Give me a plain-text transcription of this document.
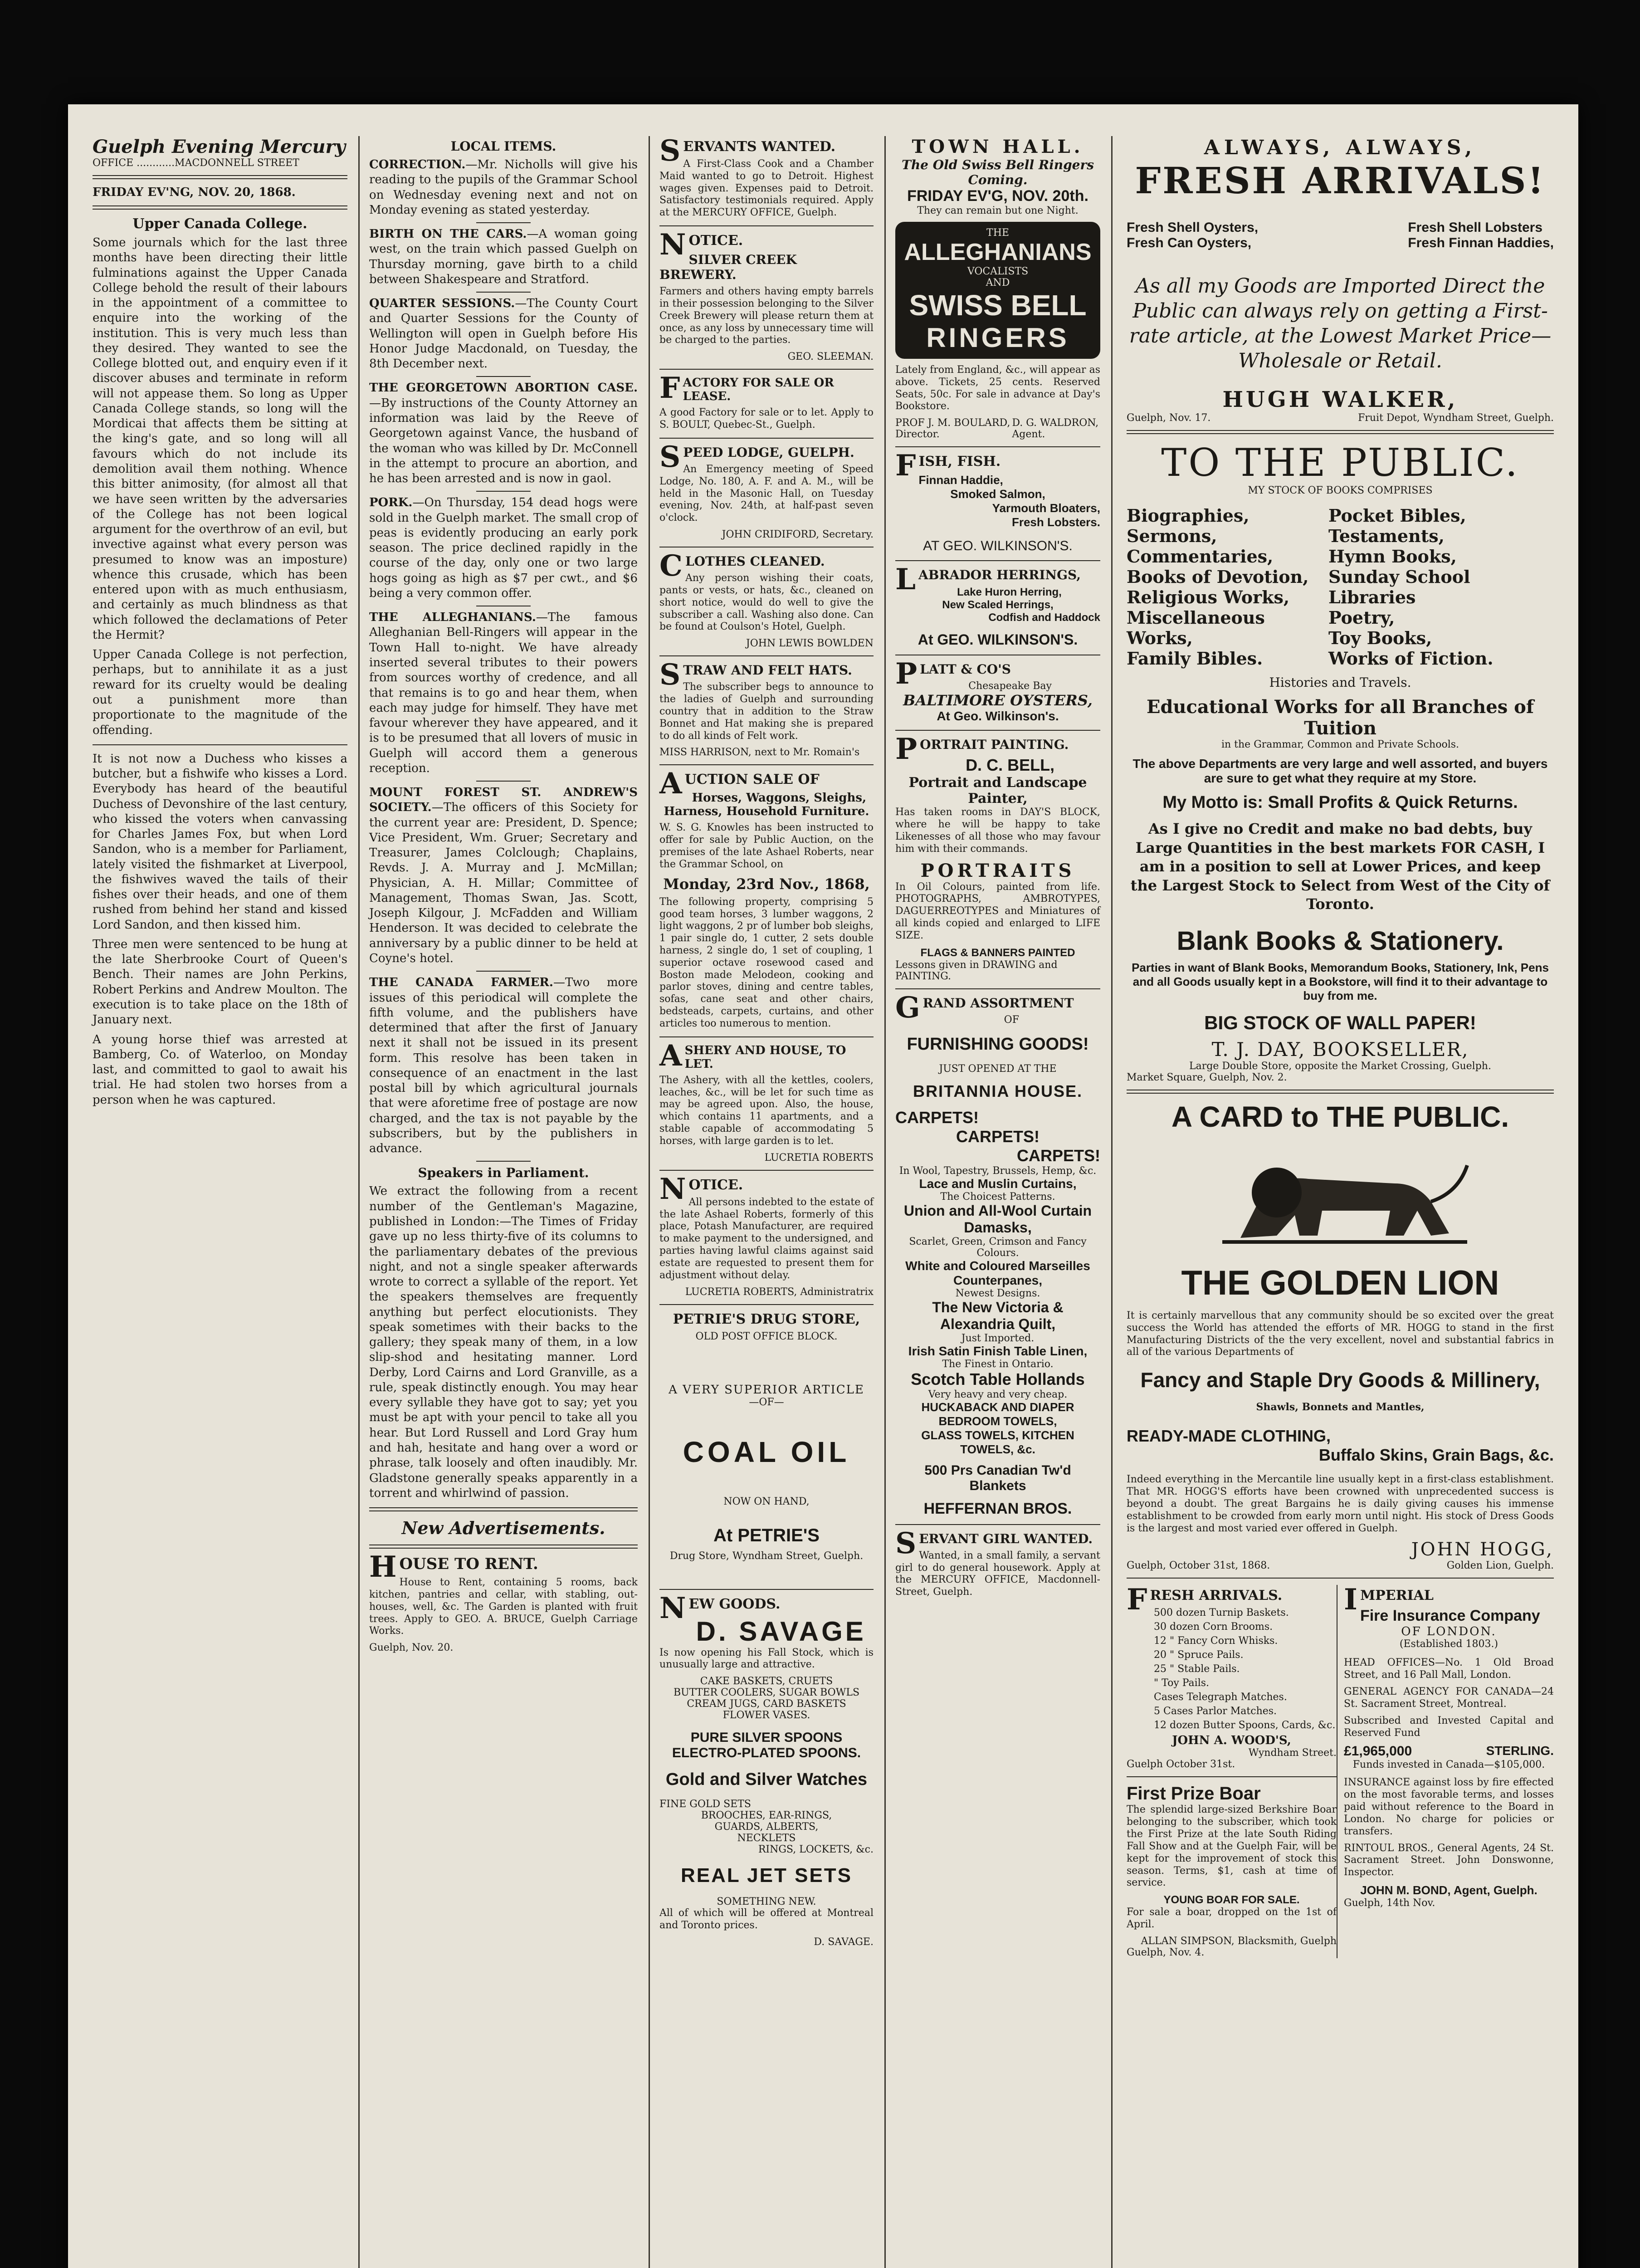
Guelph Evening Mercury
OFFICE ............MACDONNELL STREET
FRIDAY EV'NG, NOV. 20, 1868.
Upper Canada College.

Some journals which for the last three months have been directing their little fulminations against the Upper Canada College behold the result of their labours in the appointment of a committee to enquire into the working of the institution. This is very much less than they desired. They wanted to see the College blotted out, and enquiry even if it discover abuses and terminate in reform will not appease them. So long as Upper Canada College stands, so long will the Mordicai that affects them be sitting at the king's gate, and so long will all favours which do not include its demolition avail them nothing. Whence this bitter animosity, (for almost all that we have seen written by the adversaries of the College has not been logical argument for the overthrow of an evil, but invective against what every person was presumed to know was an imposture) whence this crusade, which has been entered upon with as much enthusiasm, and certainly as much blindness as that which followed the declamations of Peter the Hermit?

Upper Canada College is not perfection, perhaps, but to annihilate it as a just reward for its cruelty would be dealing out a punishment more than proportionate to the magnitude of the offending.

It is not now a Duchess who kisses a butcher, but a fishwife who kisses a Lord. Everybody has heard of the beautiful Duchess of Devonshire of the last century, who kissed the voters when canvassing for Charles James Fox, but when Lord Sandon, who is a member for Parliament, lately visited the fishmarket at Liverpool, the fishwives waved the tails of their fishes over their heads, and one of them rushed from behind her stand and kissed Lord Sandon, and then kissed him.

Three men were sentenced to be hung at the late Sherbrooke Court of Queen's Bench. Their names are John Perkins, Robert Perkins and Andrew Moulton. The execution is to take place on the 18th of January next.

A young horse thief was arrested at Bamberg, Co. of Waterloo, on Monday last, and committed to gaol to await his trial. He had stolen two horses from a person when he was captured.

LOCAL ITEMS.

CORRECTION.—Mr. Nicholls will give his reading to the pupils of the Grammar School on Wednesday evening next and not on Monday evening as stated yesterday.

BIRTH ON THE CARS.—A woman going west, on the train which passed Guelph on Thursday morning, gave birth to a child between Shakespeare and Stratford.

QUARTER SESSIONS.—The County Court and Quarter Sessions for the County of Wellington will open in Guelph before His Honor Judge Macdonald, on Tuesday, the 8th December next.

THE GEORGETOWN ABORTION CASE.—By instructions of the County Attorney an information was laid by the Reeve of Georgetown against Vance, the husband of the woman who was killed by Dr. McConnell in the attempt to procure an abortion, and he has been arrested and is now in gaol.

PORK.—On Thursday, 154 dead hogs were sold in the Guelph market. The small crop of peas is evidently producing an early pork season. The price declined rapidly in the course of the day, only one or two large hogs going as high as $7 per cwt., and $6 being a very common offer.

THE ALLEGHANIANS.—The famous Alleghanian Bell-Ringers will appear in the Town Hall to-night. We have already inserted several tributes to their powers from sources worthy of credence, and all that remains is to go and hear them, when each may judge for himself. They have met favour wherever they have appeared, and it is to be presumed that all lovers of music in Guelph will accord them a generous reception.

MOUNT FOREST ST. ANDREW'S SOCIETY.—The officers of this Society for the current year are: President, D. Spence; Vice President, Wm. Gruer; Secretary and Treasurer, James Colclough; Chaplains, Revds. J. A. Murray and J. McMillan; Physician, A. H. Millar; Committee of Management, Thomas Swan, Jas. Scott, Joseph Kilgour, J. McFadden and William Henderson. It was decided to celebrate the anniversary by a public dinner to be held at Coyne's hotel.

THE CANADA FARMER.—Two more issues of this periodical will complete the fifth volume, and the publishers have determined that after the first of January next it shall not be issued in its present form. This resolve has been taken in consequence of an enactment in the last postal bill by which agricultural journals that were aforetime free of postage are now charged, and the tax is not payable by the subscribers, but by the publishers in advance.

Speakers in Parliament.

We extract the following from a recent number of the Gentleman's Magazine, published in London:—The Times of Friday gave up no less thirty-five of its columns to the parliamentary debates of the previous night, and not a single speaker afterwards wrote to correct a syllable of the report. Yet the speakers themselves are frequently anything but perfect elocutionists. They speak sometimes with their backs to the gallery; they speak many of them, in a low slip-shod and hesitating manner. Lord Derby, Lord Cairns and Lord Granville, as a rule, speak distinctly enough. You may hear every syllable they have got to say; yet you must be apt with your pencil to take all you hear. But Lord Russell and Lord Gray hum and hah, hesitate and hang over a word or phrase, talk loosely and often inaudibly. Mr. Gladstone generally speaks apparently in a torrent and whirlwind of passion.

New Advertisements.
HOUSE TO RENT.

House to Rent, containing 5 rooms, back kitchen, pantries and cellar, with stabling, out-houses, well, &c. The Garden is planted with fruit trees. Apply to GEO. A. BRUCE, Guelph Carriage Works.

Guelph, Nov. 20.
SERVANTS WANTED.

A First-Class Cook and a Chamber Maid wanted to go to Detroit. Highest wages given. Expenses paid to Detroit. Satisfactory testimonials required. Apply at the MERCURY OFFICE, Guelph.

NOTICE.
SILVER CREEK BREWERY.

Farmers and others having empty barrels in their possession belonging to the Silver Creek Brewery will please return them at once, as any loss by unnecessary time will be charged to the parties.

GEO. SLEEMAN.
FACTORY FOR SALE OR LEASE.

A good Factory for sale or to let. Apply to S. BOULT, Quebec-St., Guelph.

SPEED LODGE, GUELPH.

An Emergency meeting of Speed Lodge, No. 180, A. F. and A. M., will be held in the Masonic Hall, on Tuesday evening, Nov. 24th, at half-past seven o'clock.

JOHN CRIDIFORD, Secretary.
CLOTHES CLEANED.

Any person wishing their coats, pants or vests, or hats, &c., cleaned on short notice, would do well to give the subscriber a call. Washing also done. Can be found at Coulson's Hotel, Guelph.

JOHN LEWIS BOWLDEN
STRAW AND FELT HATS.

The subscriber begs to announce to the ladies of Guelph and surrounding country that in addition to the Straw Bonnet and Hat making she is prepared to do all kinds of Felt work.

MISS HARRISON, next to Mr. Romain's
AUCTION SALE OF
Horses, Waggons, Sleighs, Harness, Household Furniture.

W. S. G. Knowles has been instructed to offer for sale by Public Auction, on the premises of the late Ashael Roberts, near the Grammar School, on

Monday, 23rd Nov., 1868,

The following property, comprising 5 good team horses, 3 lumber waggons, 2 light waggons, 2 pr of lumber bob sleighs, 1 pair single do, 1 cutter, 2 sets double harness, 2 single do, 1 set of coupling, 1 superior octave rosewood cased and Boston made Melodeon, cooking and parlor stoves, dining and centre tables, sofas, cane seat and other chairs, bedsteads, carpets, curtains, and other articles too numerous to mention.

ASHERY AND HOUSE, TO LET.

The Ashery, with all the kettles, coolers, leaches, &c., will be let for such time as may be agreed upon. Also, the house, which contains 11 apartments, and a stable capable of accommodating 5 horses, with large garden is to let.

LUCRETIA ROBERTS
NOTICE.

All persons indebted to the estate of the late Ashael Roberts, formerly of this place, Potash Manufacturer, are required to make payment to the undersigned, and parties having lawful claims against said estate are requested to present them for adjustment without delay.

LUCRETIA ROBERTS, Administratrix
PETRIE'S DRUG STORE,
OLD POST OFFICE BLOCK.
A VERY SUPERIOR ARTICLE
—OF—
COAL OIL
NOW ON HAND,
At PETRIE'S
Drug Store, Wyndham Street, Guelph.
NEW GOODS.
D. SAVAGE

Is now opening his Fall Stock, which is unusually large and attractive.

CAKE BASKETS, CRUETS
BUTTER COOLERS, SUGAR BOWLS
CREAM JUGS, CARD BASKETS
FLOWER VASES.
PURE SILVER SPOONS
ELECTRO-PLATED SPOONS.
Gold and Silver Watches
FINE GOLD SETS
BROOCHES, EAR-RINGS,
GUARDS, ALBERTS,
NECKLETS
RINGS, LOCKETS, &c.
REAL JET SETS
SOMETHING NEW.

All of which will be offered at Montreal and Toronto prices.

D. SAVAGE.
TOWN HALL.
The Old Swiss Bell Ringers Coming.
FRIDAY EV'G, NOV. 20th.
They can remain but one Night.
THE
ALLEGHANIANS
VOCALISTS
AND
SWISS BELL
RINGERS

Lately from England, &c., will appear as above. Tickets, 25 cents. Reserved Seats, 50c. For sale in advance at Day's Bookstore.

PROF J. M. BOULARD, Director.
D. G. WALDRON, Agent.
FISH, FISH.
Finnan Haddie,
Smoked Salmon,
Yarmouth Bloaters,
Fresh Lobsters.
AT GEO. WILKINSON'S.
LABRADOR HERRINGS,
Lake Huron Herring,
New Scaled Herrings,
Codfish and Haddock
At GEO. WILKINSON'S.
PLATT & CO'S
Chesapeake Bay
BALTIMORE OYSTERS,
At Geo. Wilkinson's.
PORTRAIT PAINTING.
D. C. BELL,
Portrait and Landscape Painter,

Has taken rooms in DAY'S BLOCK, where he will be happy to take Likenesses of all those who may favour him with their commands.

PORTRAITS

In Oil Colours, painted from life. PHOTOGRAPHS, AMBROTYPES, DAGUERREOTYPES and Miniatures of all kinds copied and enlarged to LIFE SIZE.

FLAGS & BANNERS PAINTED
Lessons given in DRAWING and PAINTING.
GRAND ASSORTMENT
OF
FURNISHING GOODS!
JUST OPENED AT THE
BRITANNIA HOUSE.
CARPETS!
CARPETS!
CARPETS!
In Wool, Tapestry, Brussels, Hemp, &c.
Lace and Muslin Curtains,
The Choicest Patterns.
Union and All-Wool Curtain Damasks,
Scarlet, Green, Crimson and Fancy Colours.
White and Coloured Marseilles Counterpanes,
Newest Designs.
The New Victoria & Alexandria Quilt,
Just Imported.
Irish Satin Finish Table Linen,
The Finest in Ontario.
Scotch Table Hollands
Very heavy and very cheap.
HUCKABACK AND DIAPER BEDROOM TOWELS,
GLASS TOWELS, KITCHEN TOWELS, &c.
500 Prs Canadian Tw'd Blankets
HEFFERNAN BROS.
SERVANT GIRL WANTED.

Wanted, in a small family, a servant girl to do general housework. Apply at the MERCURY OFFICE, Macdonnell-Street, Guelph.

ALWAYS, ALWAYS,
FRESH ARRIVALS!
Fresh Shell Oysters,
Fresh Can Oysters,
Fresh Shell Lobsters
Fresh Finnan Haddies,
As all my Goods are Imported Direct the Public can always rely on getting a First-rate article, at the Lowest Market Price—Wholesale or Retail.
HUGH WALKER,
Guelph, Nov. 17.	Fruit Depot, Wyndham Street, Guelph.
TO THE PUBLIC.
MY STOCK OF BOOKS COMPRISES
Biographies,
Sermons,
Commentaries,
Books of Devotion,
Religious Works,
Miscellaneous Works,
Family Bibles.
Pocket Bibles,
Testaments,
Hymn Books,
Sunday School Libraries
Poetry,
Toy Books,
Works of Fiction.
Histories and Travels.
Educational Works for all Branches of Tuition
in the Grammar, Common and Private Schools.
The above Departments are very large and well assorted, and buyers are sure to get what they require at my Store.
My Motto is: Small Profits & Quick Returns.
As I give no Credit and make no bad debts, buy Large Quantities in the best markets FOR CASH, I am in a position to sell at Lower Prices, and keep the Largest Stock to Select from West of the City of Toronto.
Blank Books & Stationery.
Parties in want of Blank Books, Memorandum Books, Stationery, Ink, Pens and all Goods usually kept in a Bookstore, will find it to their advantage to buy from me.
BIG STOCK OF WALL PAPER!
T. J. DAY, BOOKSELLER,
Large Double Store, opposite the Market Crossing, Guelph.
Market Square, Guelph, Nov. 2.
A CARD to THE PUBLIC.
THE GOLDEN LION

It is certainly marvellous that any community should be so excited over the great success the World has attended the efforts of MR. HOGG to stand in the first Manufacturing Districts of the the very excellent, novel and substantial fabrics in all of the various Departments of

Fancy and Staple Dry Goods & Millinery,
Shawls, Bonnets and Mantles,
READY-MADE CLOTHING,
Buffalo Skins, Grain Bags, &c.

Indeed everything in the Mercantile line usually kept in a first-class establishment. That MR. HOGG'S efforts have been crowned with unprecedented success is beyond a doubt. The great Bargains he is daily giving causes his immense establishment to be crowded from early morn until night. His stock of Dress Goods is the largest and most varied ever offered in Guelph.

JOHN HOGG,
Guelph, October 31st, 1868.	Golden Lion, Guelph.
FRESH ARRIVALS.
500 dozen Turnip Baskets.
30 dozen Corn Brooms.
12 " Fancy Corn Whisks.
20 " Spruce Pails.
25 " Stable Pails.
" Toy Pails.
Cases Telegraph Matches.
5 Cases Parlor Matches.
12 dozen Butter Spoons, Cards, &c.
JOHN A. WOOD'S,
Wyndham Street.
Guelph October 31st.
First Prize Boar

The splendid large-sized Berkshire Boar belonging to the subscriber, which took the First Prize at the late South Riding Fall Show and at the Guelph Fair, will be kept for the improvement of stock this season. Terms, $1, cash at time of service.

YOUNG BOAR FOR SALE.

For sale a boar, dropped on the 1st of April.

ALLAN SIMPSON, Blacksmith, Guelph
Guelph, Nov. 4.
IMPERIAL
Fire Insurance Company
OF LONDON.
(Established 1803.)

HEAD OFFICES—No. 1 Old Broad Street, and 16 Pall Mall, London.

GENERAL AGENCY FOR CANADA—24 St. Sacrament Street, Montreal.

Subscribed and Invested Capital and Reserved Fund

£1,965,000	STERLING.
Funds invested in Canada—$105,000.

INSURANCE against loss by fire effected on the most favorable terms, and losses paid without reference to the Board in London. No charge for policies or transfers.

RINTOUL BROS., General Agents, 24 St. Sacrament Street. John Donswonne, Inspector.

JOHN M. BOND, Agent, Guelph.
Guelph, 14th Nov.
